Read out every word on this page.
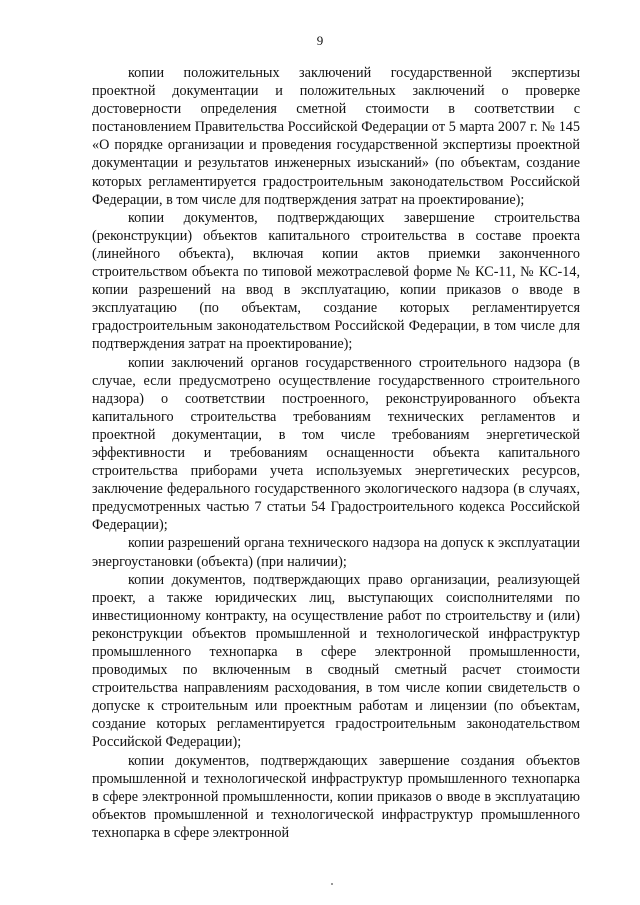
9

копии положительных заключений государственной экспертизы проектной документации и положительных заключений о проверке достоверности определения сметной стоимости в соответствии с постановлением Правительства Российской Федерации от 5 марта 2007 г. № 145 «О порядке организации и проведения государственной экспертизы проектной документации и результатов инженерных изысканий» (по объектам, создание которых регламентируется градостроительным законодательством Российской Федерации, в том числе для подтверждения затрат на проектирование);

копии документов, подтверждающих завершение строительства (реконструкции) объектов капитального строительства в составе проекта (линейного объекта), включая копии актов приемки законченного строительством объекта по типовой межотраслевой форме № КС-11, № КС-14, копии разрешений на ввод в эксплуатацию, копии приказов о вводе в эксплуатацию (по объектам, создание которых регламентируется градостроительным законодательством Российской Федерации, в том числе для подтверждения затрат на проектирование);

копии заключений органов государственного строительного надзора (в случае, если предусмотрено осуществление государственного строительного надзора) о соответствии построенного, реконструированного объекта капитального строительства требованиям технических регламентов и проектной документации, в том числе требованиям энергетической эффективности и требованиям оснащенности объекта капитального строительства приборами учета используемых энергетических ресурсов, заключение федерального государственного экологического надзора (в случаях, предусмотренных частью 7 статьи 54 Градостроительного кодекса Российской Федерации);

копии разрешений органа технического надзора на допуск к эксплуатации энергоустановки (объекта) (при наличии);

копии документов, подтверждающих право организации, реализующей проект, а также юридических лиц, выступающих соисполнителями по инвестиционному контракту, на осуществление работ по строительству и (или) реконструкции объектов промышленной и технологической инфраструктур промышленного технопарка в сфере электронной промышленности, проводимых по включенным в сводный сметный расчет стоимости строительства направлениям расходования, в том числе копии свидетельств о допуске к строительным или проектным работам и лицензии (по объектам, создание которых регламентируется градостроительным законодательством Российской Федерации);

копии документов, подтверждающих завершение создания объектов промышленной и технологической инфраструктур промышленного технопарка в сфере электронной промышленности, копии приказов о вводе в эксплуатацию объектов промышленной и технологической инфраструктур промышленного технопарка в сфере электронной
